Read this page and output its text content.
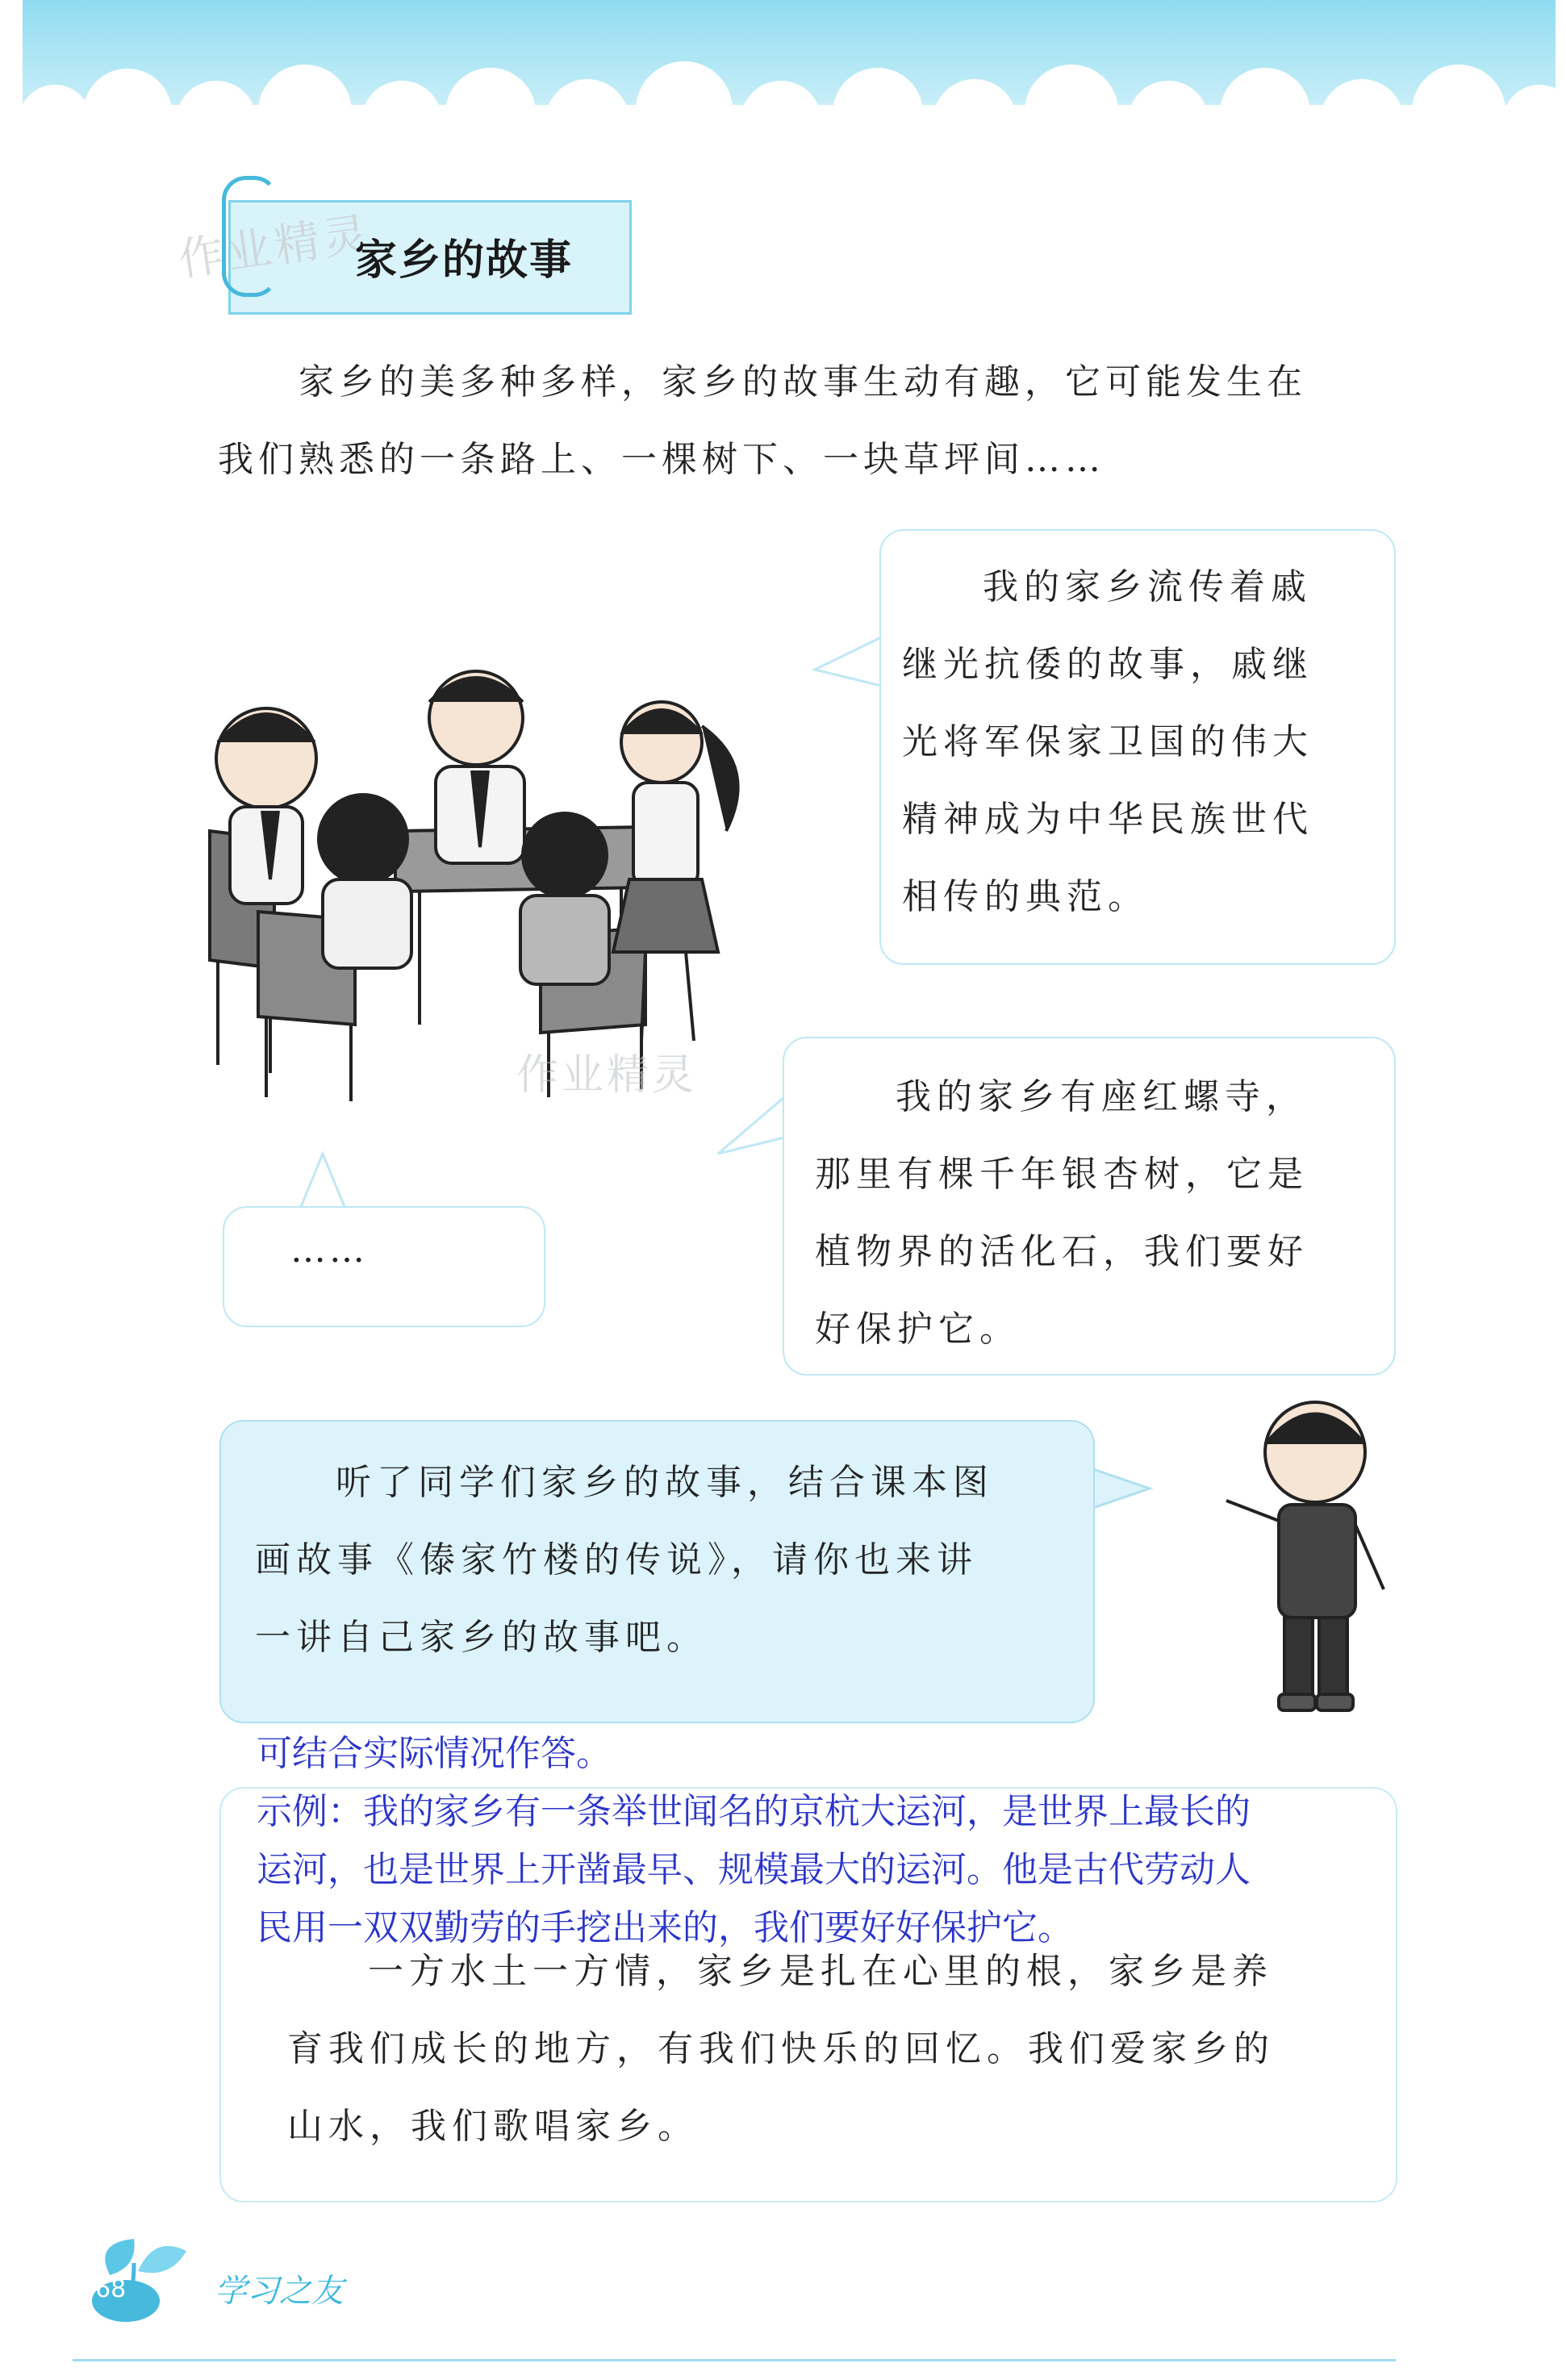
作业精灵
家乡的故事
家乡的美多种多样，家乡的故事生动有趣，它可能发生在
我们熟悉的一条路上、一棵树下、一块草坪间……
我的家乡流传着戚
继光抗倭的故事，戚继
光将军保家卫国的伟大
精神成为中华民族世代
相传的典范。
我的家乡有座红螺寺，
那里有棵千年银杏树，它是
植物界的活化石，我们要好
好保护它。
作业精灵
……
听了同学们家乡的故事，结合课本图
画故事《傣家竹楼的传说》，请你也来讲
一讲自己家乡的故事吧。
可结合实际情况作答。
示例：我的家乡有一条举世闻名的京杭大运河，是世界上最长的
运河，也是世界上开凿最早、规模最大的运河。他是古代劳动人
民用一双双勤劳的手挖出来的，我们要好好保护它。
一方水土一方情，家乡是扎在心里的根，家乡是养
育我们成长的地方，有我们快乐的回忆。我们爱家乡的
山水，我们歌唱家乡。
68	学习之友
